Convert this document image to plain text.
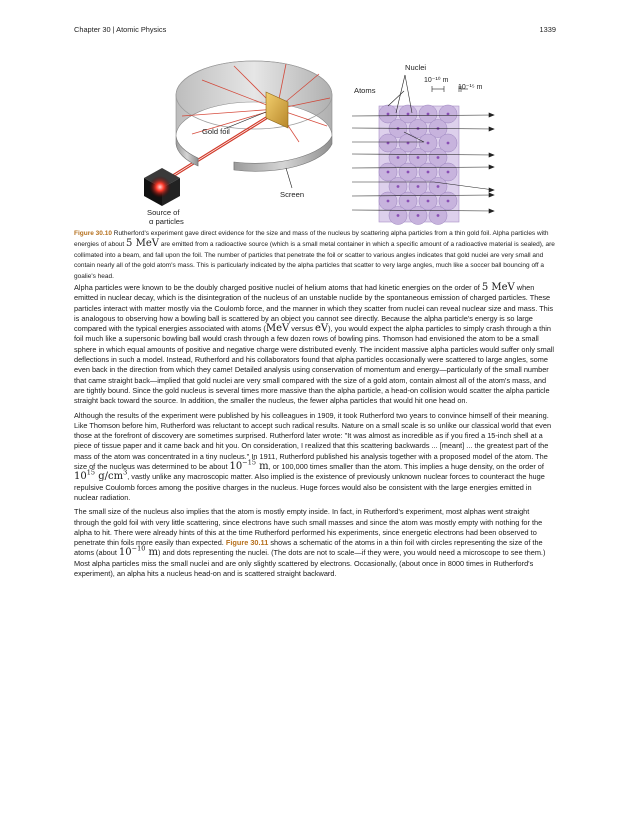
Chapter 30 | Atomic Physics	1339
Gold foil
Screen
Source of
α particles
Nuclei
Atoms
10⁻¹⁰ m
10⁻¹⁵ m
Figure 30.10 Rutherford's experiment gave direct evidence for the size and mass of the nucleus by scattering alpha particles from a thin gold foil. Alpha particles with energies of about 5 MeV are emitted from a radioactive source (which is a small metal container in which a specific amount of a radioactive material is sealed), are collimated into a beam, and fall upon the foil. The number of particles that penetrate the foil or scatter to various angles indicates that gold nuclei are very small and contain nearly all of the gold atom's mass. This is particularly indicated by the alpha particles that scatter to very large angles, much like a soccer ball bouncing off a goalie's head.

Alpha particles were known to be the doubly charged positive nuclei of helium atoms that had kinetic energies on the order of 5 MeV when emitted in nuclear decay, which is the disintegration of the nucleus of an unstable nuclide by the spontaneous emission of charged particles. These particles interact with matter mostly via the Coulomb force, and the manner in which they scatter from nuclei can reveal nuclear size and mass. This is analogous to observing how a bowling ball is scattered by an object you cannot see directly. Because the alpha particle's energy is so large compared with the typical energies associated with atoms (MeV versus eV), you would expect the alpha particles to simply crash through a thin foil much like a supersonic bowling ball would crash through a few dozen rows of bowling pins. Thomson had envisioned the atom to be a small sphere in which equal amounts of positive and negative charge were distributed evenly. The incident massive alpha particles would suffer only small deflections in such a model. Instead, Rutherford and his collaborators found that alpha particles occasionally were scattered to large angles, some even back in the direction from which they came! Detailed analysis using conservation of momentum and energy—particularly of the small number that came straight back—implied that gold nuclei are very small compared with the size of a gold atom, contain almost all of the atom's mass, and are tightly bound. Since the gold nucleus is several times more massive than the alpha particle, a head-on collision would scatter the alpha particle straight back toward the source. In addition, the smaller the nucleus, the fewer alpha particles that would hit one head on.

Although the results of the experiment were published by his colleagues in 1909, it took Rutherford two years to convince himself of their meaning. Like Thomson before him, Rutherford was reluctant to accept such radical results. Nature on a small scale is so unlike our classical world that even those at the forefront of discovery are sometimes surprised. Rutherford later wrote: "It was almost as incredible as if you fired a 15-inch shell at a piece of tissue paper and it came back and hit you. On consideration, I realized that this scattering backwards ... [meant] ... the greatest part of the mass of the atom was concentrated in a tiny nucleus." In 1911, Rutherford published his analysis together with a proposed model of the atom. The size of the nucleus was determined to be about $10^{-15}$ m, or 100,000 times smaller than the atom. This implies a huge density, on the order of
$10^{15}$ $g/cm^3$, vastly unlike any macroscopic matter. Also implied is the existence of previously unknown nuclear forces to counteract the huge repulsive Coulomb forces among the positive charges in the nucleus. Huge forces would also be consistent with the large energies emitted in nuclear radiation.

The small size of the nucleus also implies that the atom is mostly empty inside. In fact, in Rutherford's experiment, most alphas went straight through the gold foil with very little scattering, since electrons have such small masses and since the atom was mostly empty with nothing for the alpha to hit. There were already hints of this at the time Rutherford performed his experiments, since energetic electrons had been observed to penetrate thin foils more easily than expected. Figure 30.11 shows a schematic of the atoms in a thin foil with circles representing the size of the atoms (about $10^{-10}$ m) and dots representing the nuclei. (The dots are not to scale—if they were, you would need a microscope to see them.) Most alpha particles miss the small nuclei and are only slightly scattered by electrons. Occasionally, (about once in 8000 times in Rutherford's experiment), an alpha hits a nucleus head-on and is scattered straight backward.
